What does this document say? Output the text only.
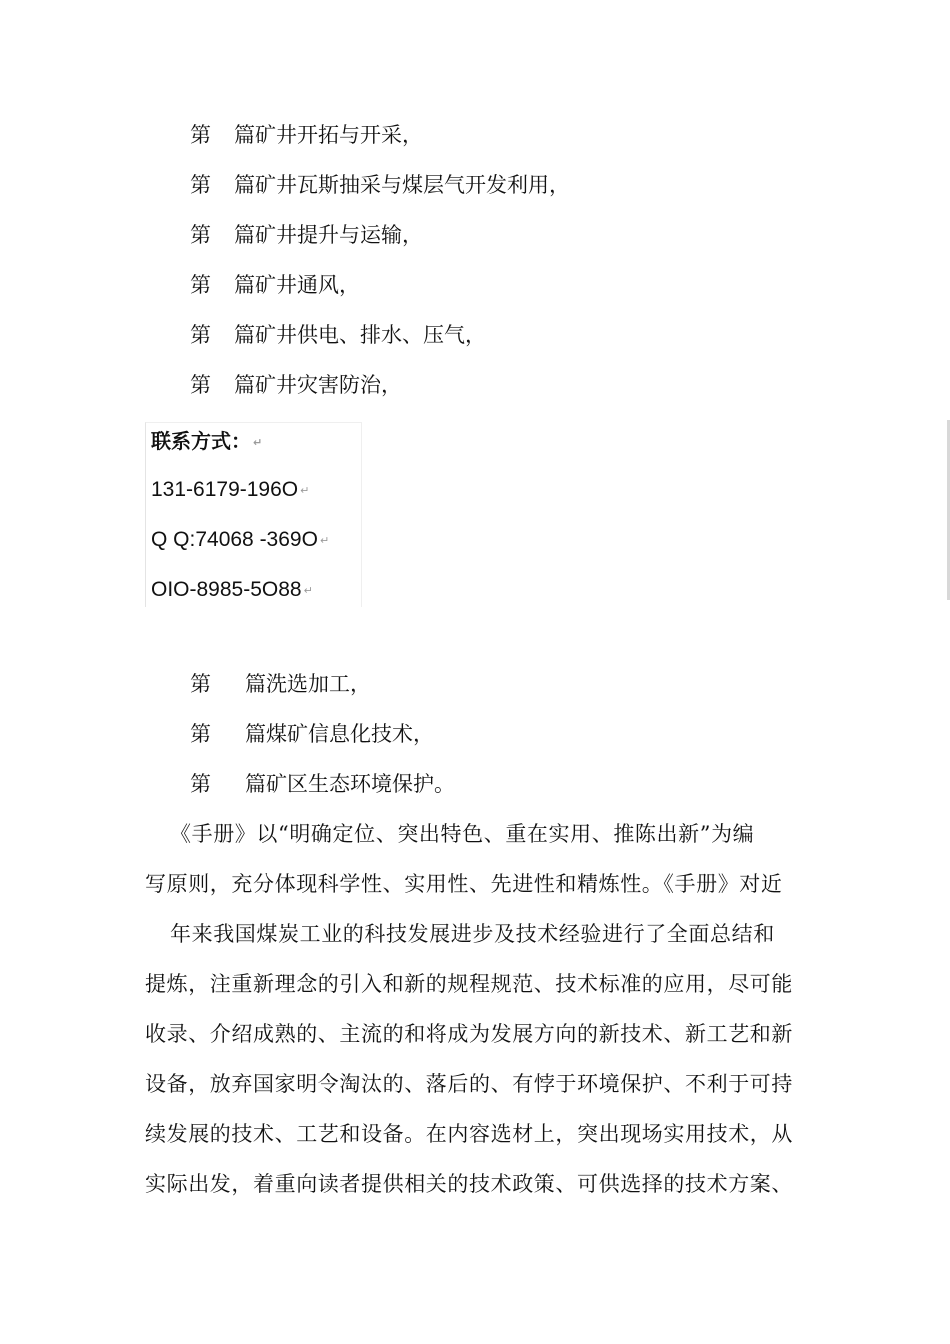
第 篇矿井开拓与开采，
第 篇矿井瓦斯抽采与煤层气开发利用，
第 篇矿井提升与运输，
第 篇矿井通风，
第 篇矿井供电、排水、压气，
第 篇矿井灾害防治，
联系方式： ↵
131-6179-196O ↵
Q Q:74068 -369O ↵
OIO-8985-5O88 ↵
第 篇洗选加工，
第 篇煤矿信息化技术，
第 篇矿区生态环境保护。
《手册》以“明确定位、突出特色、重在实用、推陈出新”为编
写原则，充分体现科学性、实用性、先进性和精炼性。《手册》对近
年来我国煤炭工业的科技发展进步及技术经验进行了全面总结和
提炼，注重新理念的引入和新的规程规范、技术标准的应用，尽可能
收录、介绍成熟的、主流的和将成为发展方向的新技术、新工艺和新
设备，放弃国家明令淘汰的、落后的、有悖于环境保护、不利于可持
续发展的技术、工艺和设备。在内容选材上，突出现场实用技术，从
实际出发，着重向读者提供相关的技术政策、可供选择的技术方案、
